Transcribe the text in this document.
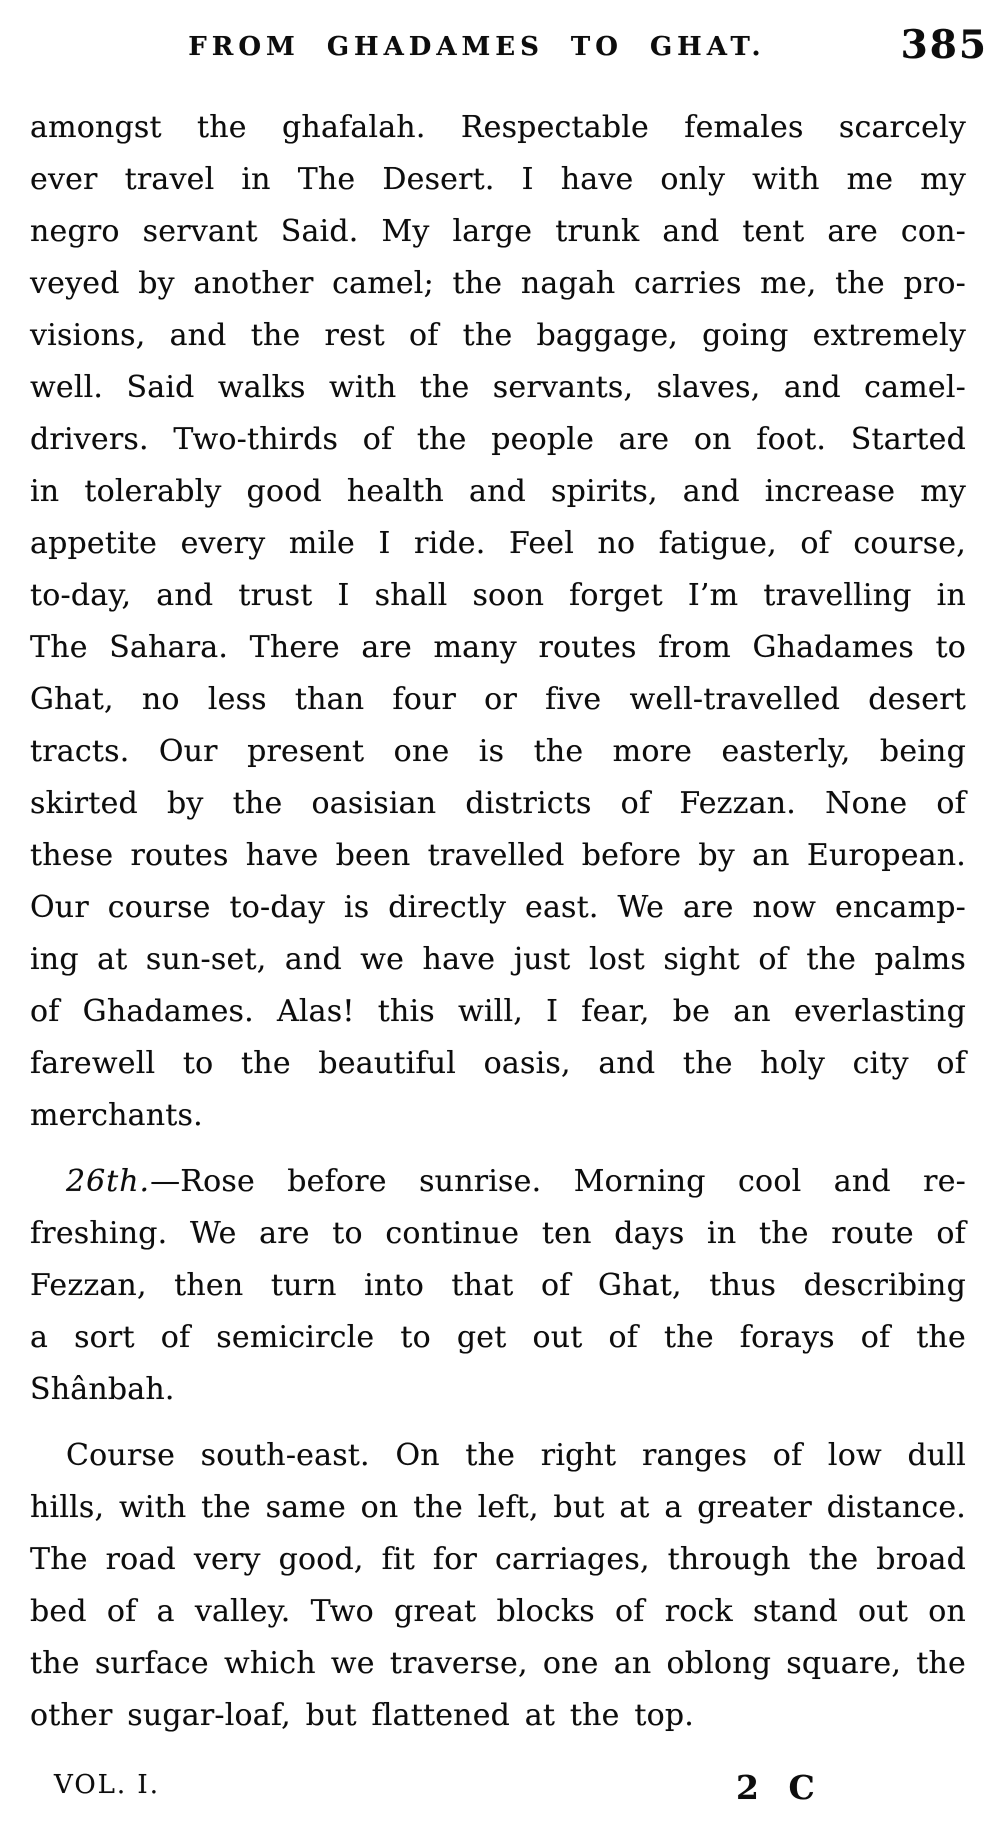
FROM GHADAMES TO GHAT.	385

amongst the ghafalah. Respectable females scarcely
ever travel in The Desert. I have only with me my
negro servant Said. My large trunk and tent are con-
veyed by another camel; the nagah carries me, the pro-
visions, and the rest of the baggage, going extremely
well. Said walks with the servants, slaves, and camel-
drivers. Two-thirds of the people are on foot. Started
in tolerably good health and spirits, and increase my
appetite every mile I ride. Feel no fatigue, of course,
to-day, and trust I shall soon forget I’m travelling in
The Sahara. There are many routes from Ghadames to
Ghat, no less than four or five well-travelled desert
tracts. Our present one is the more easterly, being
skirted by the oasisian districts of Fezzan. None of
these routes have been travelled before by an European.
Our course to-day is directly east. We are now encamp-
ing at sun-set, and we have just lost sight of the palms
of Ghadames. Alas! this will, I fear, be an everlasting
farewell to the beautiful oasis, and the holy city of
merchants.

26th.—Rose before sunrise. Morning cool and re-
freshing. We are to continue ten days in the route of
Fezzan, then turn into that of Ghat, thus describing
a sort of semicircle to get out of the forays of the
Shânbah.

Course south-east. On the right ranges of low dull
hills, with the same on the left, but at a greater distance.
The road very good, fit for carriages, through the broad
bed of a valley. Two great blocks of rock stand out on
the surface which we traverse, one an oblong square, the
other sugar-loaf, but flattened at the top.

VOL. I.	2 C
